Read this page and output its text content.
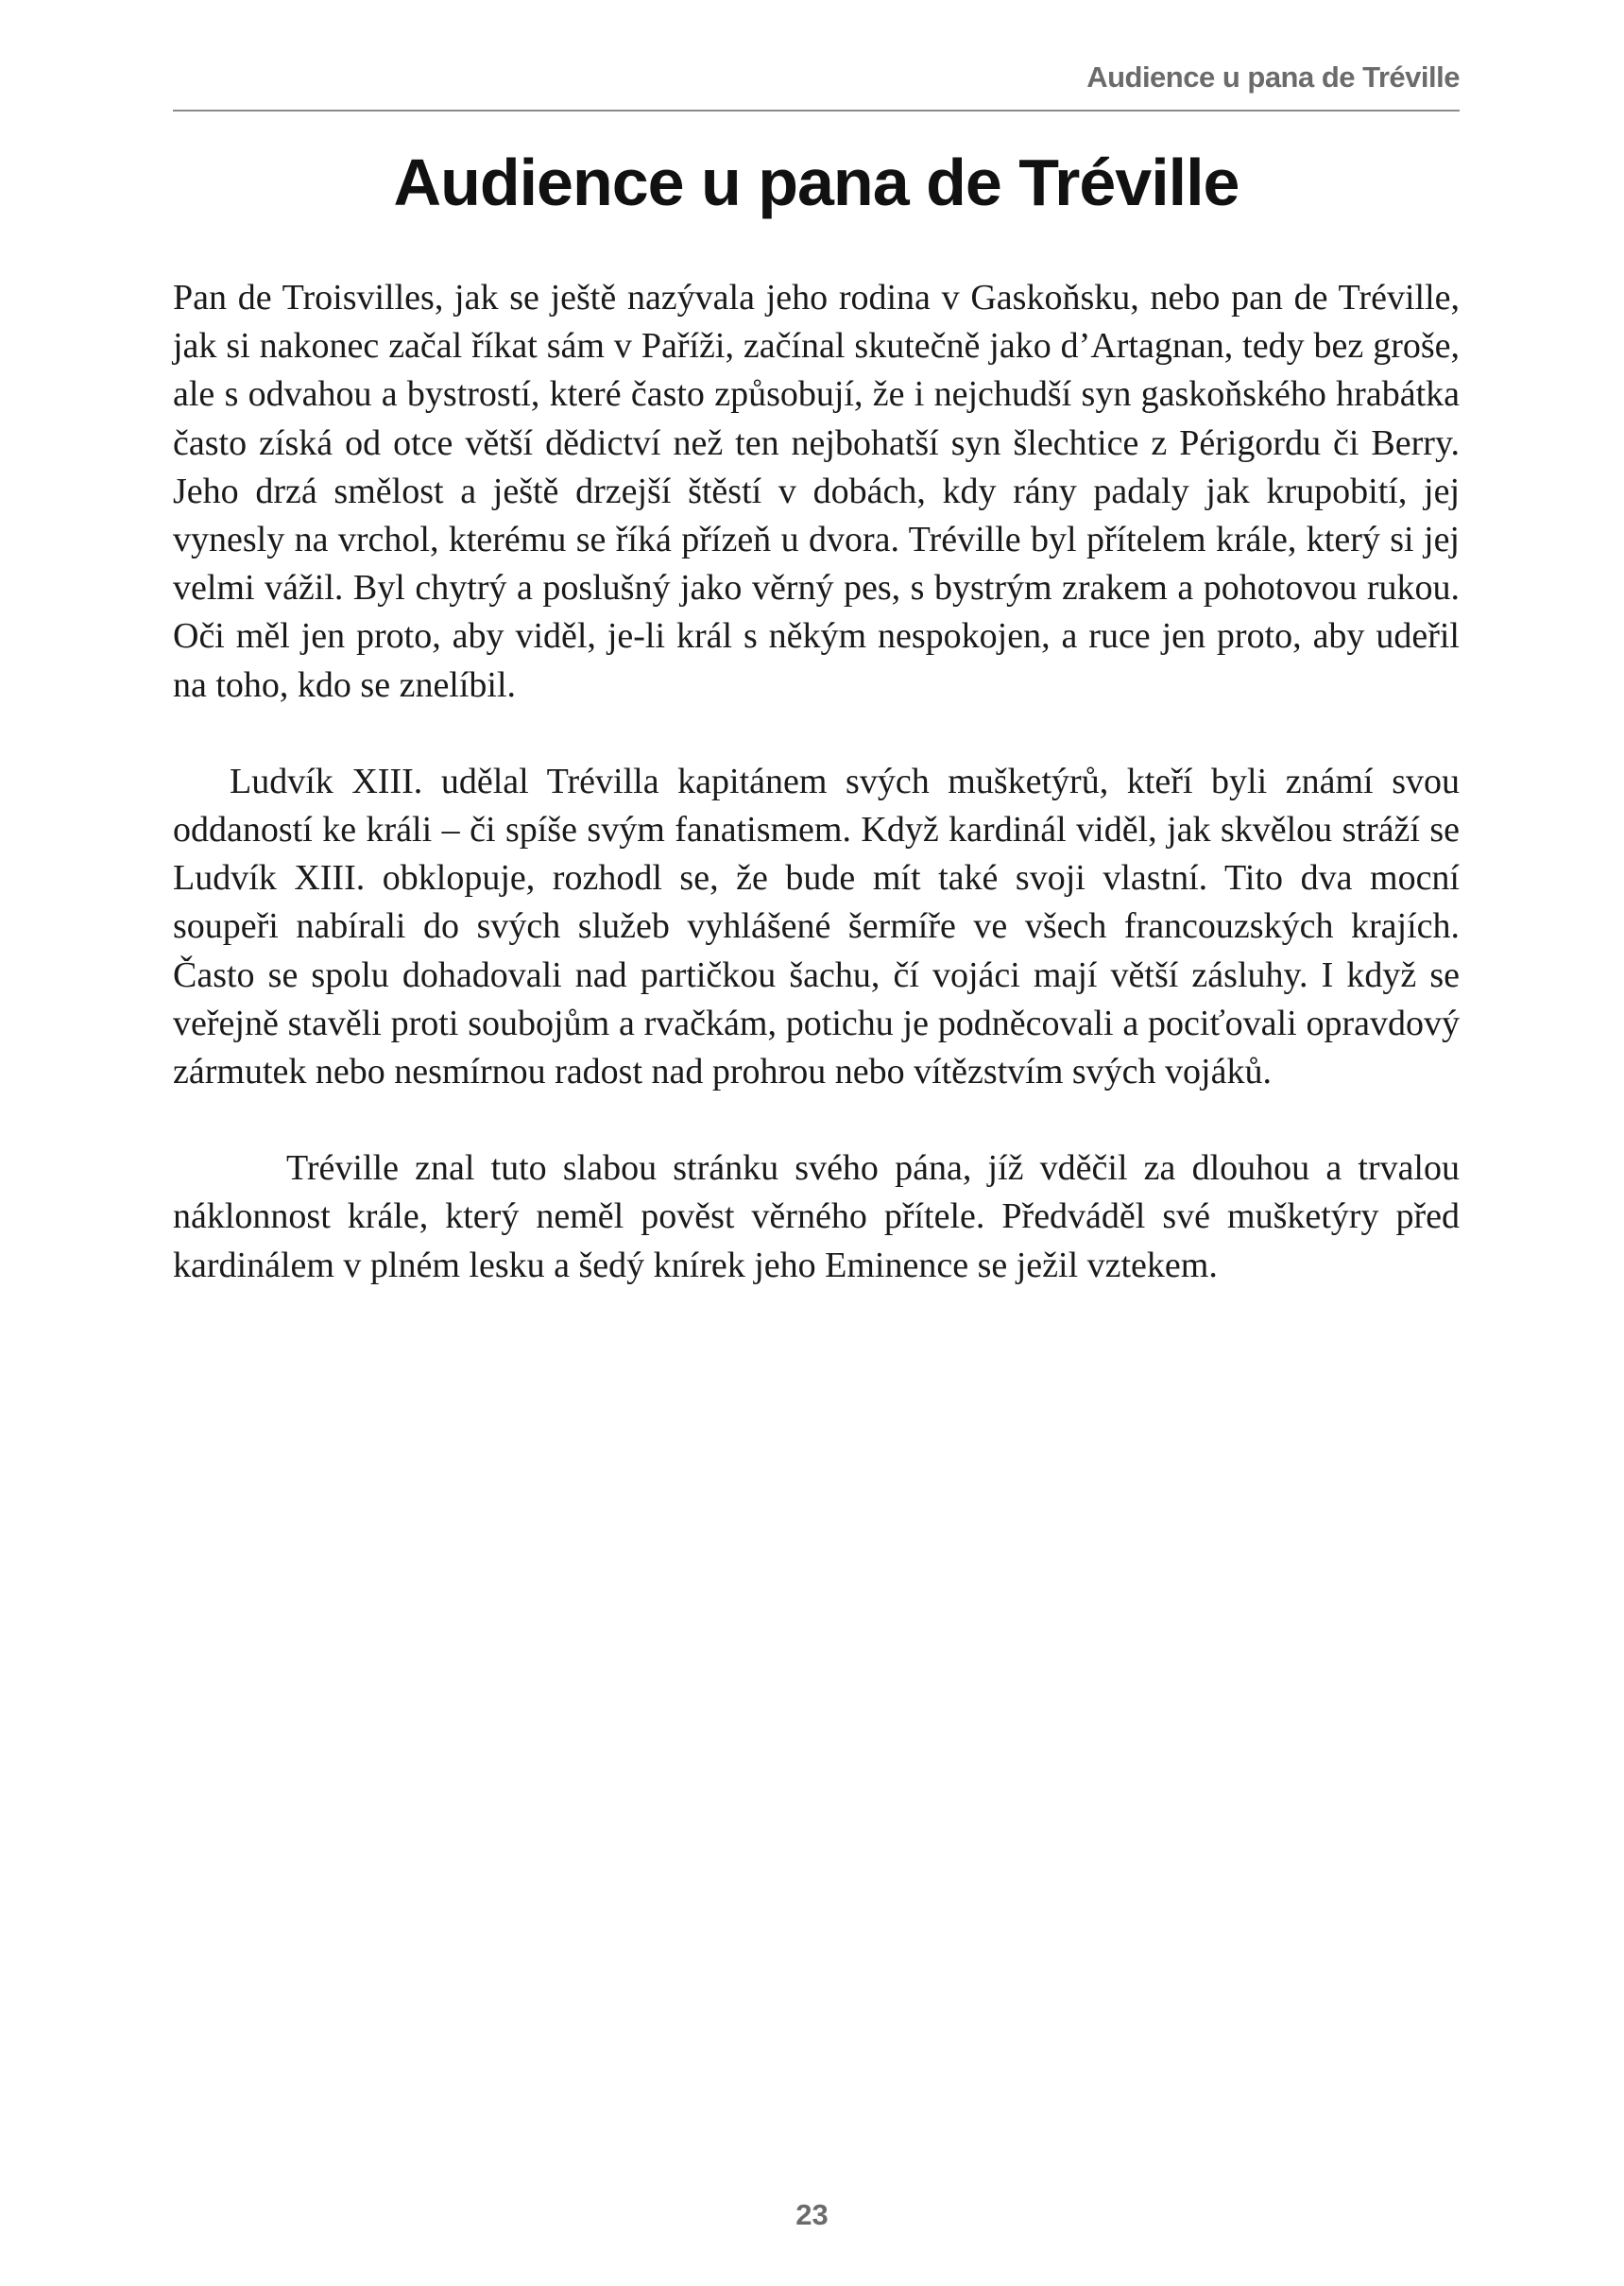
Audience u pana de Tréville
Audience u pana de Tréville

Pan de Troisvilles, jak se ještě nazývala jeho rodina v Gaskoňsku, nebo pan de Tréville, jak si nakonec začal říkat sám v Paříži, začínal skutečně jako d’Artagnan, tedy bez groše, ale s odvahou a bystrostí, které často způsobují, že i nejchudší syn gaskoňského hrabátka často získá od otce větší dědictví než ten nejbohatší syn šlechtice z Périgordu či Berry. Jeho drzá smělost a ještě drzejší štěstí v dobách, kdy rány padaly jak krupobití, jej vynesly na vrchol, kterému se říká přízeň u dvora. Tréville byl přítelem krále, který si jej velmi vážil. Byl chytrý a poslušný jako věrný pes, s bystrým zrakem a pohotovou rukou. Oči měl jen proto, aby viděl, je-li král s někým nespokojen, a ruce jen proto, aby udeřil na toho, kdo se znelíbil.

Ludvík XIII. udělal Trévilla kapitánem svých mušketýrů, kteří byli známí svou oddaností ke králi – či spíše svým fanatismem. Když kardinál viděl, jak skvělou stráží se Ludvík XIII. obklopuje, rozhodl se, že bude mít také svoji vlastní. Tito dva mocní soupeři nabírali do svých služeb vyhlášené šermíře ve všech francouzských krajích. Často se spolu dohadovali nad partičkou šachu, čí vojáci mají větší zásluhy. I když se veřejně stavěli proti soubojům a rvačkám, potichu je podněcovali a pociťovali opravdový zármutek nebo nesmírnou radost nad prohrou nebo vítězstvím svých vojáků.

Tréville znal tuto slabou stránku svého pána, jíž vděčil za dlouhou a trvalou náklonnost krále, který neměl pověst věrného přítele. Předváděl své mušketýry před kardinálem v plném lesku a šedý knírek jeho Eminence se ježil vztekem.

23
